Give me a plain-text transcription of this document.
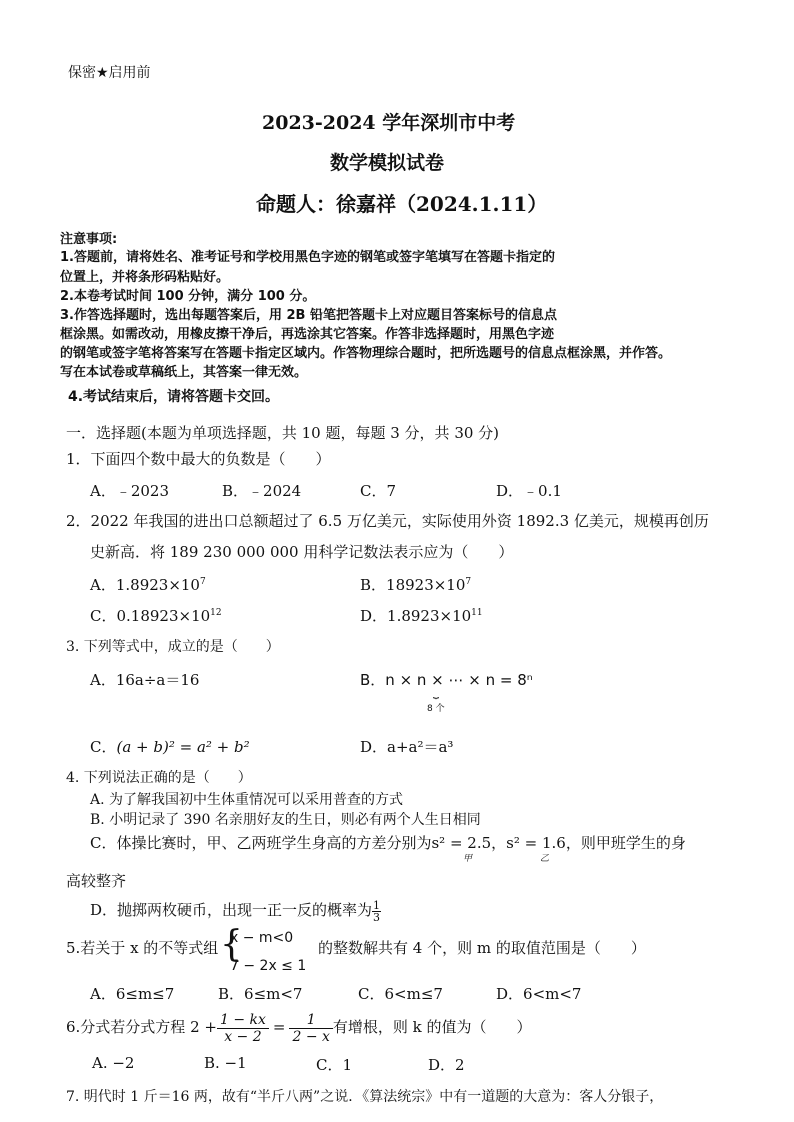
保密★启用前
2023-2024 学年深圳市中考
数学模拟试卷
命题人：徐嘉祥（2024.1.11）
注意事项:
1.答题前，请将姓名、准考证号和学校用黑色字迹的钢笔或签字笔填写在答题卡指定的
位置上，并将条形码粘贴好。
2.本卷考试时间 100 分钟，满分 100 分。
3.作答选择题时，选出每题答案后，用 2B 铅笔把答题卡上对应题目答案标号的信息点
框涂黑。如需改动，用橡皮擦干净后，再选涂其它答案。作答非选择题时，用黑色字迹
的钢笔或签字笔将答案写在答题卡指定区域内。作答物理综合题时，把所选题号的信息点框涂黑，并作答。
写在本试卷或草稿纸上，其答案一律无效。
4.考试结束后，请将答题卡交回。
一．选择题(本题为单项选择题，共 10 题，每题 3 分，共 30 分)
1．下面四个数中最大的负数是（　　）
A．﹣2023	B．﹣2024	C．7	D．﹣0.1
2．2022 年我国的进出口总额超过了 6.5 万亿美元，实际使用外资 1892.3 亿美元，规模再创历
史新高．将 189 230 000 000 用科学记数法表示应为（　　）
A．$1.8923\times 10^7$	B．$18923\times 10^7$
C．$0.18923\times 10^{12}$	D．$1.8923\times 10^{11}$
3. 下列等式中，成立的是（　　）
A．16a÷a＝16	B．n × n × ⋯ × n = 8ⁿ
⏟
8 个
C．(a + b)² = a² + b²	D．a+a²＝a³
4. 下列说法正确的是（　　）
A. 为了解我国初中生体重情况可以采用普查的方式
B. 小明记录了 390 名亲朋好友的生日，则必有两个人生日相同
C．体操比赛时，甲、乙两班学生身高的方差分别为s² = 2.5，s² = 1.6，则甲班学生的身
甲	乙
高较整齐
D．抛掷两枚硬币，出现一正一反的概率为 $\frac{1}{3}$
5.若关于 x 的不等式组 {
x − m<0
7 − 2x ≤ 1
的整数解共有 4 个，则 m 的取值范围是（　　）
A．6≤m≤7	B．6≤m<7	C．6<m≤7	D．6<m<7
6.分式若分式方程 $2 + \frac{1 - kx}{x - 2} = \frac{1}{2 - x}$ 有增根，则 k 的值为（　　）
A. −2	B. −1	C．1	D．2
7. 明代时 1 斤＝16 两，故有“半斤八两”之说．《算法统宗》中有一道题的大意为：客人分银子，
